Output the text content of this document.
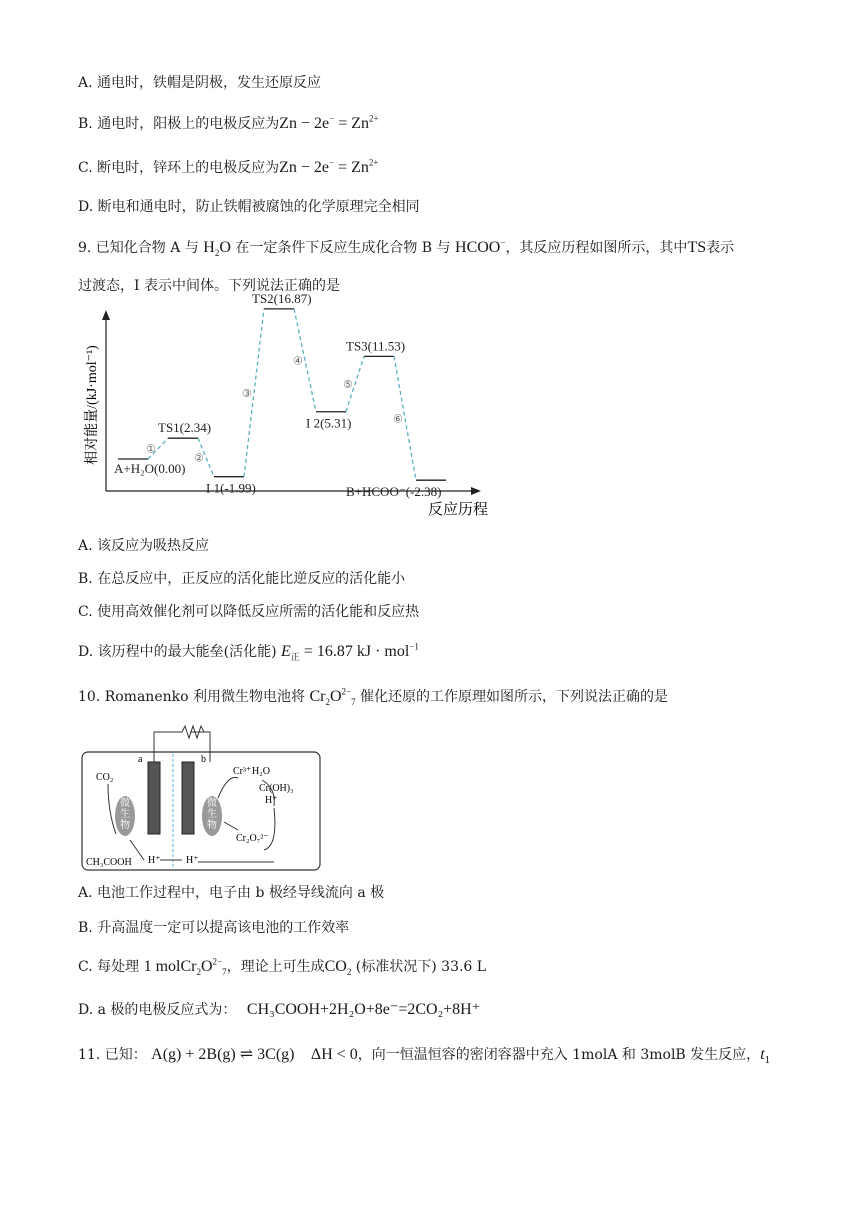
A. 通电时，铁帽是阴极，发生还原反应
B. 通电时，阳极上的电极反应为$Zn - 2e^- = Zn^{2+}$
C. 断电时，锌环上的电极反应为$Zn - 2e^- = Zn^{2+}$
D. 断电和通电时，防止铁帽被腐蚀的化学原理完全相同
9. 已知化合物 A 与 $H_2O$ 在一定条件下反应生成化合物 B 与 HCOO−，其反应历程如图所示，其中TS表示
过渡态，I 表示中间体。下列说法正确的是
相对能量/(kJ·mol⁻¹)
反应历程
①
②
③
④
⑤
⑥
A+H₂O(0.00)
TS1(2.34)
I 1(-1.99)
TS2(16.87)
I 2(5.31)
TS3(11.53)
B+HCOO⁻(-2.38)
A. 该反应为吸热反应
B. 在总反应中，正反应的活化能比逆反应的活化能小
C. 使用高效催化剂可以降低反应所需的活化能和反应热
D. 该历程中的最大能垒(活化能) $E_正 = 16.87$ kJ · mol$^{-1}$
10. Romanenko 利用微生物电池将 $Cr_2O^{2-}_7$ 催化还原的工作原理如图所示，下列说法正确的是
a	b
微
生
物
微
生
物
CO₂
CH₃COOH H⁺	H⁺
Cr³⁺ H₂O
Cr(OH)₃
H⁺
Cr₂O₇²⁻
A. 电池工作过程中，电子由 b 极经导线流向 a 极
B. 升高温度一定可以提高该电池的工作效率
C. 每处理 1 $molCr_2O^{2-}_7$，理论上可生成$CO_2$ (标准状况下) 33.6 L
D. a 极的电极反应式为： CH₃COOH+2H₂O+8e⁻=2CO₂+8H⁺
11. 已知： A(g) + 2B(g) ⇌ 3C(g) ΔH < 0，向一恒温恒容的密闭容器中充入 1molA 和 3molB 发生反应，$t_1$
